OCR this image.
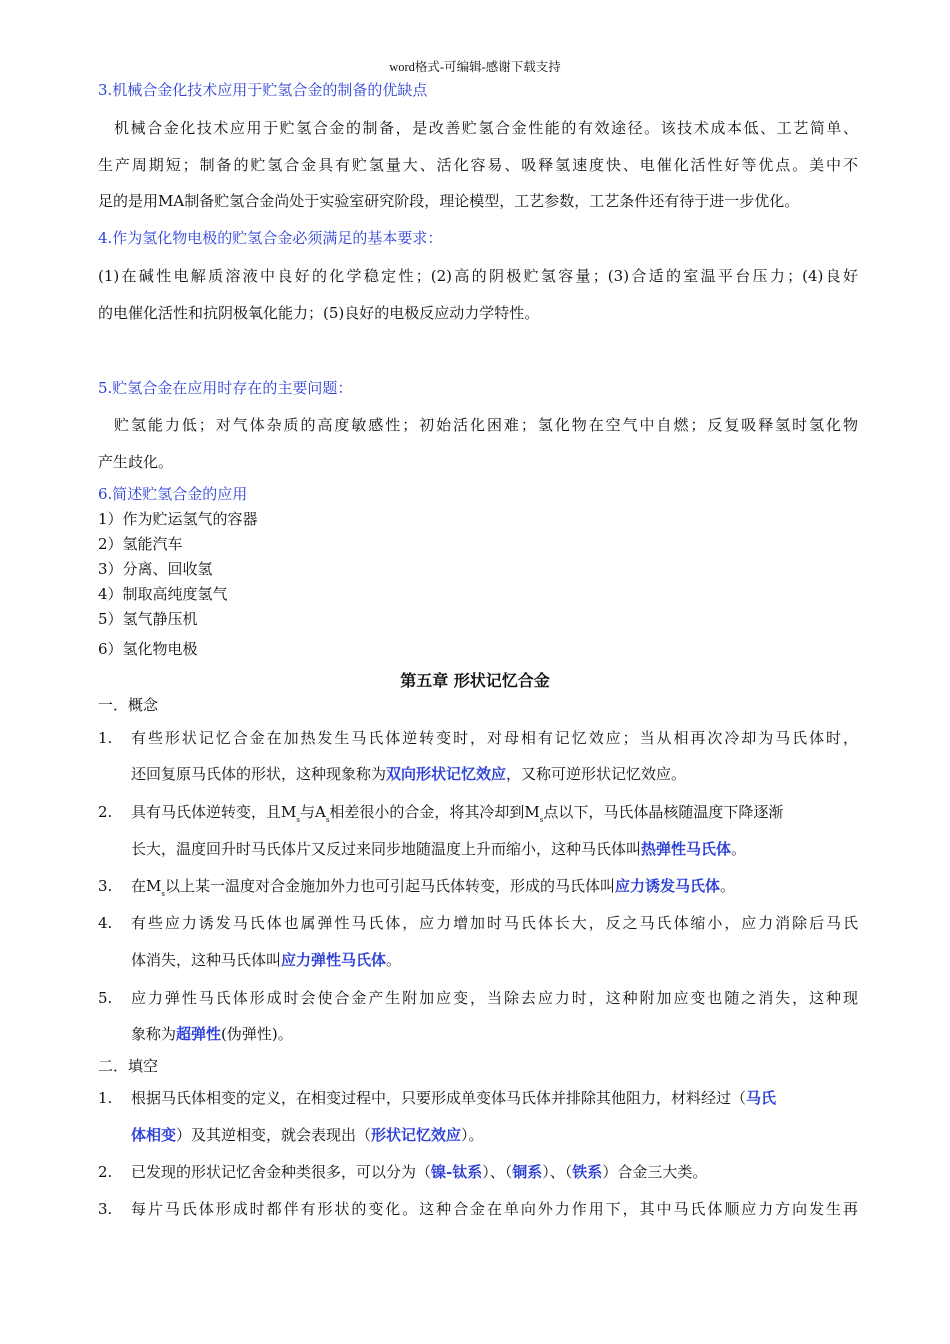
word格式-可编辑-感谢下载支持
3.机械合金化技术应用于贮氢合金的制备的优缺点
机械合金化技术应用于贮氢合金的制备，是改善贮氢合金性能的有效途径。该技术成本低、工艺简单、
生产周期短；制备的贮氢合金具有贮氢量大、活化容易、吸释氢速度快、电催化活性好等优点。美中不
足的是用MA制备贮氢合金尚处于实验室研究阶段，理论模型，工艺参数，工艺条件还有待于进一步优化。
4.作为氢化物电极的贮氢合金必须满足的基本要求：
(1)在碱性电解质溶液中良好的化学稳定性；(2)高的阴极贮氢容量；(3)合适的室温平台压力；(4)良好
的电催化活性和抗阴极氧化能力；(5)良好的电极反应动力学特性。
5.贮氢合金在应用时存在的主要问题：
贮氢能力低；对气体杂质的高度敏感性；初始活化困难；氢化物在空气中自燃；反复吸释氢时氢化物
产生歧化。
6.简述贮氢合金的应用
1）作为贮运氢气的容器
2）氢能汽车
3）分离、回收氢
4）制取高纯度氢气
5）氢气静压机
6）氢化物电极
第五章 形状记忆合金
一．概念
1. 有些形状记忆合金在加热发生马氏体逆转变时，对母相有记忆效应；当从相再次冷却为马氏体时，
还回复原马氏体的形状，这种现象称为双向形状记忆效应，又称可逆形状记忆效应。
2. 具有马氏体逆转变，且$M_s$与$A_s$相差很小的合金，将其冷却到$M_s$点以下，马氏体晶核随温度下降逐渐
长大，温度回升时马氏体片又反过来同步地随温度上升而缩小，这种马氏体叫热弹性马氏体。
3. 在$M_s$以上某一温度对合金施加外力也可引起马氏体转变，形成的马氏体叫应力诱发马氏体。
4. 有些应力诱发马氏体也属弹性马氏体，应力增加时马氏体长大，反之马氏体缩小，应力消除后马氏
体消失，这种马氏体叫应力弹性马氏体。
5. 应力弹性马氏体形成时会使合金产生附加应变，当除去应力时，这种附加应变也随之消失，这种现
象称为超弹性(伪弹性)。
二．填空
1. 根据马氏体相变的定义，在相变过程中，只要形成单变体马氏体并排除其他阻力，材料经过（马氏
体相变）及其逆相变，就会表现出（形状记忆效应）。
2. 已发现的形状记忆舍金种类很多，可以分为（镍-钛系）、（铜系）、（铁系）合金三大类。
3. 每片马氏体形成时都伴有形状的变化。这种合金在单向外力作用下，其中马氏体顺应力方向发生再
